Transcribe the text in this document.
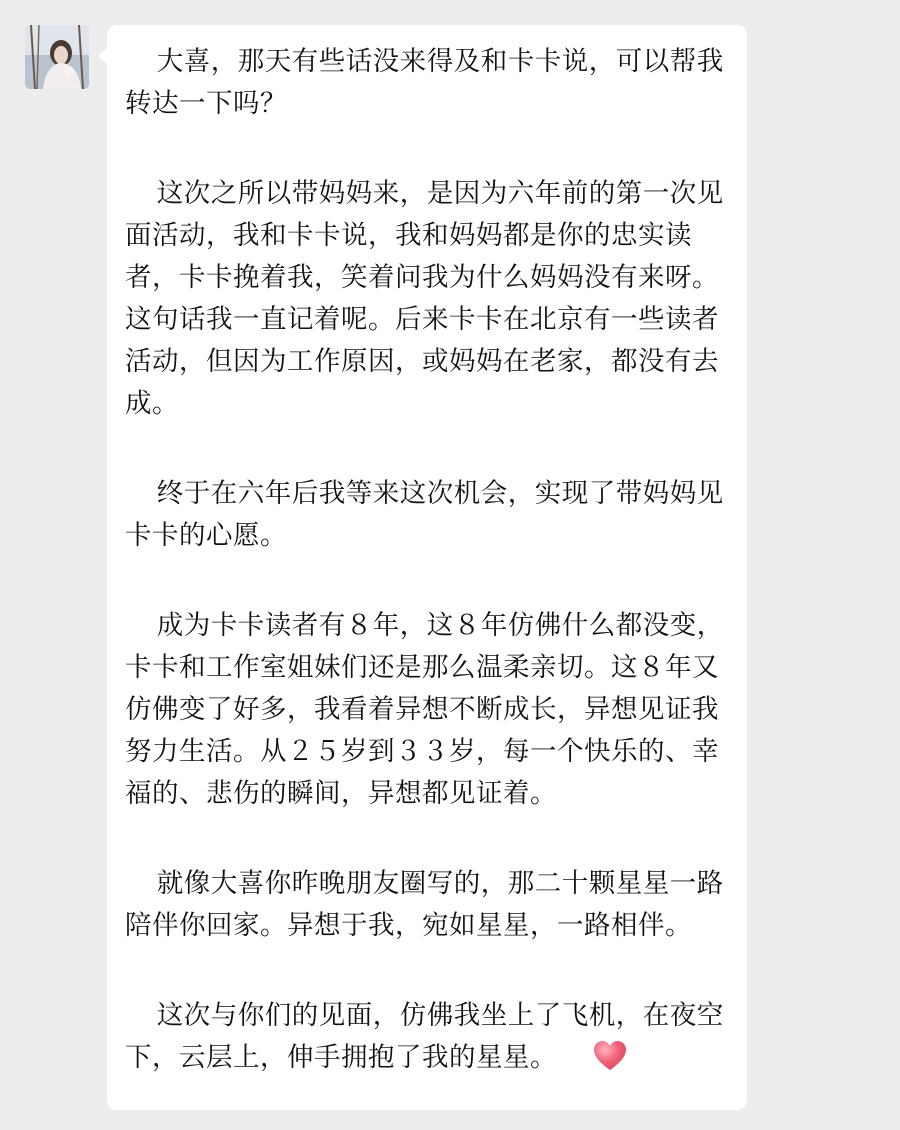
大喜，那天有些话没来得及和卡卡说，可以帮我转达一下吗？

这次之所以带妈妈来，是因为六年前的第一次见面活动，我和卡卡说，我和妈妈都是你的忠实读者，卡卡挽着我，笑着问我为什么妈妈没有来呀。这句话我一直记着呢。后来卡卡在北京有一些读者活动，但因为工作原因，或妈妈在老家，都没有去成。

终于在六年后我等来这次机会，实现了带妈妈见卡卡的心愿。

成为卡卡读者有８年，这８年仿佛什么都没变，卡卡和工作室姐妹们还是那么温柔亲切。这８年又仿佛变了好多，我看着异想不断成长，异想见证我努力生活。从２５岁到３３岁，每一个快乐的、幸福的、悲伤的瞬间，异想都见证着。

就像大喜你昨晚朋友圈写的，那二十颗星星一路陪伴你回家。异想于我，宛如星星，一路相伴。

这次与你们的见面，仿佛我坐上了飞机，在夜空下，云层上，伸手拥抱了我的星星。
